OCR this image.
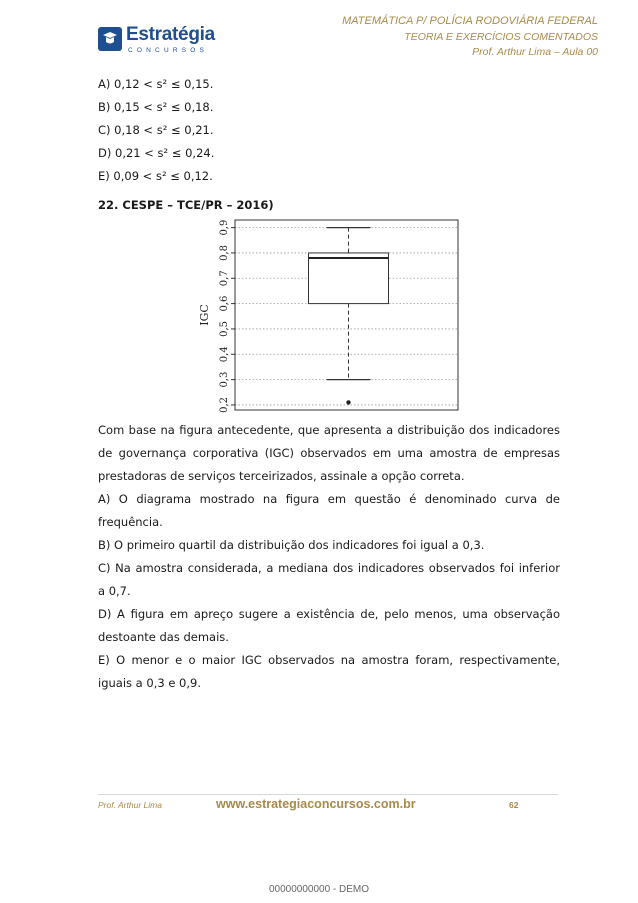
Estratégia
CONCURSOS
MATEMÁTICA P/ POLÍCIA RODOVIÁRIA FEDERAL
TEORIA E EXERCÍCIOS COMENTADOS
Prof. Arthur Lima – Aula 00
A) 0,12 < s² ≤ 0,15.
B) 0,15 < s² ≤ 0,18.
C) 0,18 < s² ≤ 0,21.
D) 0,21 < s² ≤ 0,24.
E) 0,09 < s² ≤ 0,12.
22. CESPE – TCE/PR – 2016)
0,2
0,3
0,4
0,5
0,6
0,7
0,8
0,9
IGC

Com base na figura antecedente, que apresenta a distribuição dos indicadores de governança corporativa (IGC) observados em uma amostra de empresas prestadoras de serviços terceirizados, assinale a opção correta.

A) O diagrama mostrado na figura em questão é denominado curva de frequência.

B) O primeiro quartil da distribuição dos indicadores foi igual a 0,3.

C) Na amostra considerada, a mediana dos indicadores observados foi inferior a 0,7.

D) A figura em apreço sugere a existência de, pelo menos, uma observação destoante das demais.

E) O menor e o maior IGC observados na amostra foram, respectivamente, iguais a 0,3 e 0,9.

Prof. Arthur Lima	www.estrategiaconcursos.com.br	62
00000000000 - DEMO
